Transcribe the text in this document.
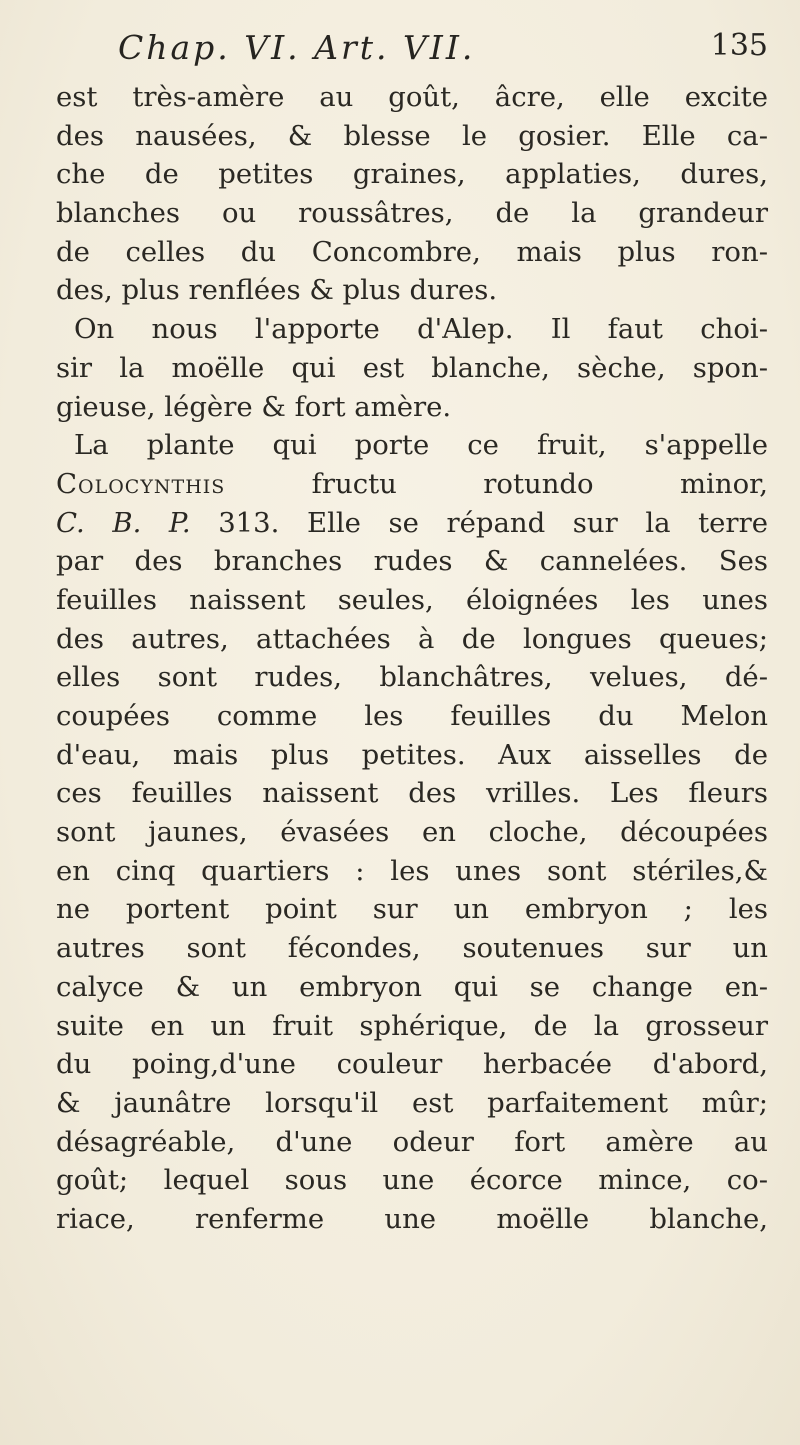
Chap. VI. Art. VII.	135
est très-amère au goût, âcre, elle excite
des nausées, & blesse le gosier. Elle ca-
che de petites graines, applaties, dures,
blanches ou roussâtres, de la grandeur
de celles du Concombre, mais plus ron-
des, plus renflées & plus dures.
On nous l'apporte d'Alep. Il faut choi-
sir la moëlle qui est blanche, sèche, spon-
gieuse, légère & fort amère.
La plante qui porte ce fruit, s'appelle
Colocynthis	fructu rotundo minor,
C. B. P. 313. Elle se répand sur la terre
par des branches rudes & cannelées. Ses
feuilles naissent seules, éloignées les unes
des autres, attachées à de longues queues;
elles sont rudes, blanchâtres, velues, dé-
coupées comme les feuilles du Melon
d'eau, mais plus petites. Aux aisselles de
ces feuilles naissent des vrilles. Les fleurs
sont jaunes, évasées en cloche, découpées
en cinq quartiers : les unes sont stériles,&
ne portent point sur un embryon ; les
autres sont fécondes, soutenues sur un
calyce & un embryon qui se change en-
suite en un fruit sphérique, de la grosseur
du poing,d'une couleur herbacée d'abord,
& jaunâtre lorsqu'il est parfaitement mûr;
désagréable, d'une odeur fort amère au
goût; lequel sous une écorce mince, co-
riace, renferme une moëlle blanche,
